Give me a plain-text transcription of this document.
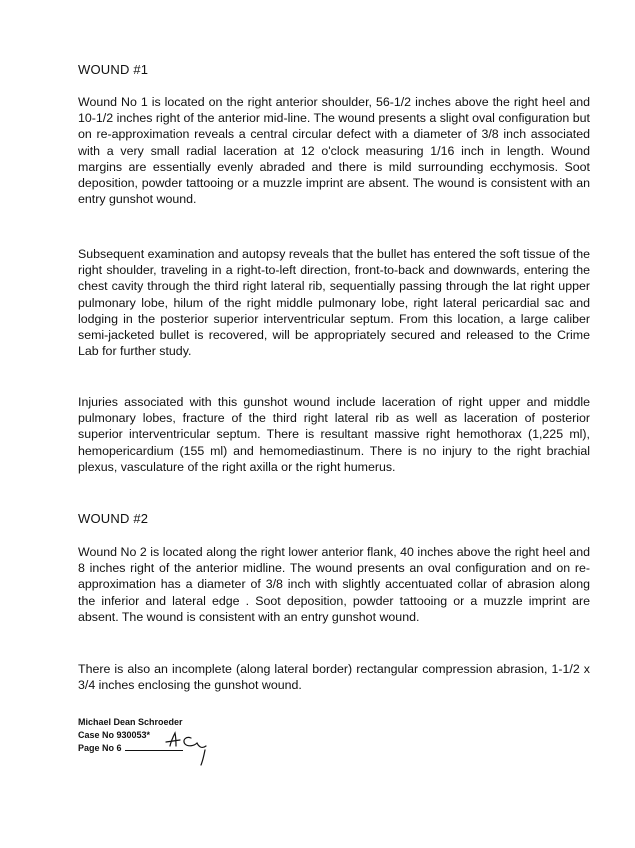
WOUND #1

Wound No 1 is located on the right anterior shoulder, 56-1/2 inches above the right heel and 10-1/2 inches right of the anterior mid-line. The wound presents a slight oval configuration but on re-approximation reveals a central circular defect with a diameter of 3/8 inch associated with a very small radial laceration at 12 o'clock measuring 1/16 inch in length. Wound margins are essentially evenly abraded and there is mild surrounding ecchymosis. Soot deposition, powder tattooing or a muzzle imprint are absent. The wound is consistent with an entry gunshot wound.

Subsequent examination and autopsy reveals that the bullet has entered the soft tissue of the right shoulder, traveling in a right-to-left direction, front-to-back and downwards, entering the chest cavity through the third right lateral rib, sequentially passing through the lat right upper pulmonary lobe, hilum of the right middle pulmonary lobe, right lateral pericardial sac and lodging in the posterior superior interventricular septum. From this location, a large caliber semi-jacketed bullet is recovered, will be appropriately secured and released to the Crime Lab for further study.

Injuries associated with this gunshot wound include laceration of right upper and middle pulmonary lobes, fracture of the third right lateral rib as well as laceration of posterior superior interventricular septum. There is resultant massive right hemothorax (1,225 ml), hemopericardium (155 ml) and hemomediastinum. There is no injury to the right brachial plexus, vasculature of the right axilla or the right humerus.

WOUND #2

Wound No 2 is located along the right lower anterior flank, 40 inches above the right heel and 8 inches right of the anterior midline. The wound presents an oval configuration and on re-approximation has a diameter of 3/8 inch with slightly accentuated collar of abrasion along the inferior and lateral edge . Soot deposition, powder tattooing or a muzzle imprint are absent. The wound is consistent with an entry gunshot wound.

There is also an incomplete (along lateral border) rectangular compression abrasion, 1-1/2 x 3/4 inches enclosing the gunshot wound.

Michael Dean Schroeder
Case No 930053*
Page No 6
